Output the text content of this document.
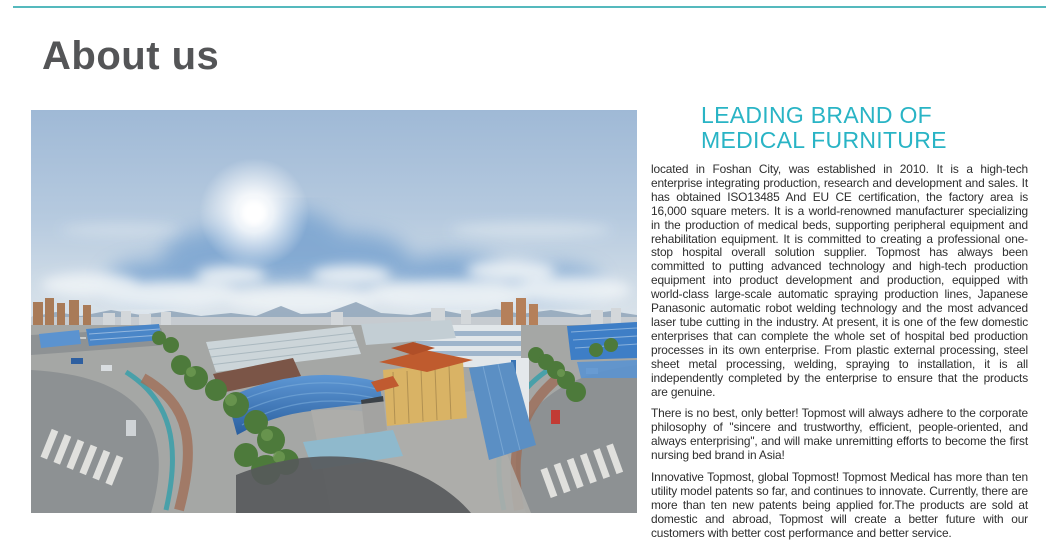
About us
LEADING BRAND OF
MEDICAL FURNITURE

located in Foshan City, was established in 2010. It is a high-tech enterprise integrating production, research and development and sales. It has obtained ISO13485 And EU CE certification, the factory area is 16,000 square meters. It is a world-renowned manufacturer specializing in the production of medical beds, supporting peripheral equipment and rehabilitation equipment. It is committed to creating a professional one-stop hospital overall solution supplier. Topmost has always been committed to putting advanced technology and high-tech production equipment into product development and production, equipped with world-class large-scale automatic spraying production lines, Japanese Panasonic automatic robot welding technology and the most advanced laser tube cutting in the industry. At present, it is one of the few domestic enterprises that can complete the whole set of hospital bed production processes in its own enterprise. From plastic external processing, steel sheet metal processing, welding, spraying to installation, it is all independently completed by the enterprise to ensure that the products are genuine.

There is no best, only better! Topmost will always adhere to the corporate philosophy of "sincere and trustworthy, efficient, people-oriented, and always enterprising", and will make unremitting efforts to become the first nursing bed brand in Asia!

Innovative Topmost, global Topmost! Topmost Medical has more than ten utility model patents so far, and continues to innovate. Currently, there are more than ten new patents being applied for.The products are sold at domestic and abroad, Topmost will create a better future with our customers with better cost performance and better service.
